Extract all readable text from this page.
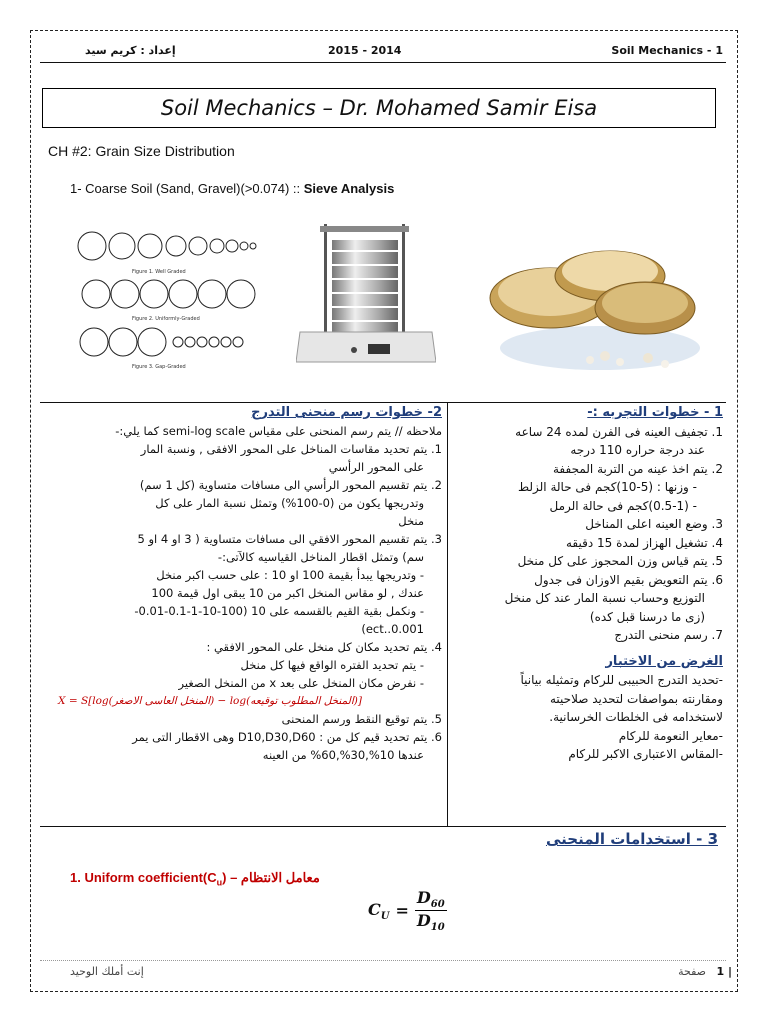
Soil Mechanics - 1
2015 - 2014
إعداد : كريم سيد
Soil Mechanics – Dr. Mohamed Samir Eisa
CH #2: Grain Size Distribution
1- Coarse Soil (Sand, Gravel)(>0.074) :: Sieve Analysis
Figure 1. Well Graded
Figure 2. Uniformly-Graded
Figure 3. Gap-Graded
1 - خطوات التجربه :-
1. تجفيف العينه فى الفرن لمده 24 ساعه
عند درجة حراره 110 درجه
2. يتم اخذ عينه من التربة المجففة
- وزنها : (5-10)كجم فى حالة الزلط
- (0.5-1)كجم فى حالة الرمل
3. وضع العينه اعلى المناخل
4. تشغيل الهزاز لمدة 15 دقيقه
5. يتم قياس وزن المحجوز على كل منخل
6. يتم التعويض بقيم الاوزان فى جدول
التوزيع وحساب نسبة المار عند كل منخل
(زى ما درسنا قبل كده)
7. رسم منحنى التدرج
الغرض من الاختبار
-تحديد التدرج الحبيبى للركام وتمثيله بيانياً
ومقارنته بمواصفات لتحديد صلاحيته
لاستخدامه فى الخلطات الخرسانية.
-معاير النعومة للركام
-المقاس الاعتبارى الاكبر للركام
2- خطوات رسم منحنى التدرج
ملاحظه // يتم رسم المنحنى على مقياس semi-log scale كما يلي:-
1. يتم تحديد مقاسات المناخل على المحور الافقى , ونسبة المار
على المحور الرأسي
2. يتم تقسيم المحور الرأسي الى مسافات متساوية (كل 1 سم)
وتدريجها يكون من (0-100%) وتمثل نسبة المار على كل
منخل
3. يتم تقسيم المحور الافقي الى مسافات متساوية ( 3 او 4 او 5
سم) وتمثل اقطار المناخل القياسيه كالآتى:-
- وتدريجها يبدأ بقيمة 100 او 10 : على حسب اكبر منخل
عندك , لو مقاس المنخل اكبر من 10 يبقى اول قيمة 100
- ونكمل بقية القيم بالقسمه على 10 (100-10-1-0.1-0.01-
0.001..ect)
4. يتم تحديد مكان كل منخل على المحور الافقي :
- يتم تحديد الفتره الواقع فيها كل منخل
- نفرض مكان المنخل على بعد x من المنخل الصغير
X = S[log(المنخل العاسى الاصغر) − log(المنخل المطلوب توقيعه)]
5. يتم توقيع النقط ورسم المنحنى
6. يتم تحديد قيم كل من : D10,D30,D60 وهى الاقطار التى يمر
عندها 10%,30%,60% من العينه
3 - استخدامات المنحنى
1. Uniform $coefficient(C_u)$ – معامل الانتظام
$C_U = \frac{D_{60}}{D_{10}}$
1 |
صفحة
إنت أملك الوحيد
